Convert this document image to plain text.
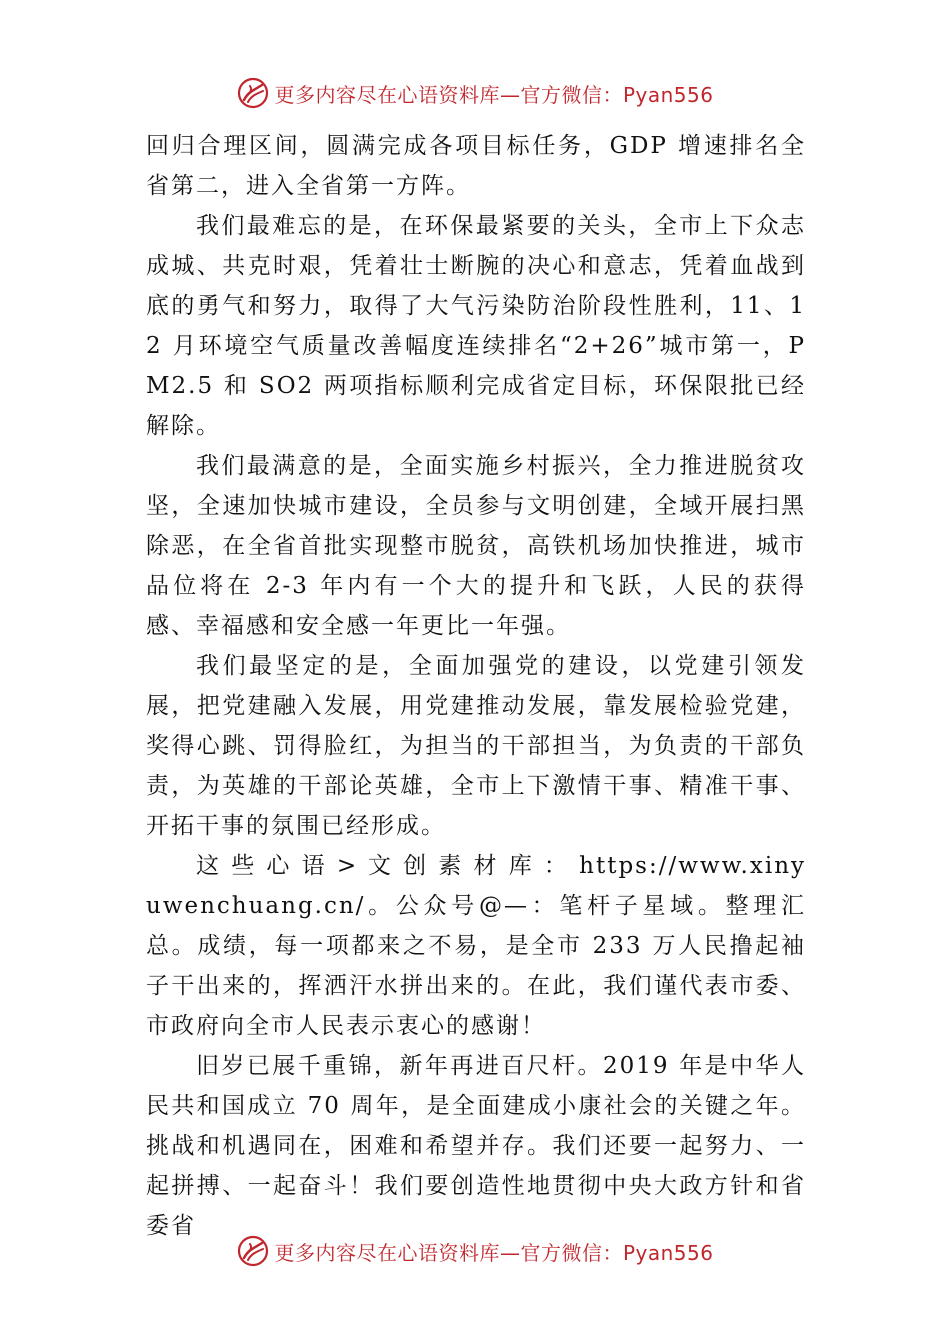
更多内容尽在心语资料库—官方微信：Pyan556

回归合理区间，圆满完成各项目标任务，GDP 增速排名全省第二，进入全省第一方阵。

我们最难忘的是，在环保最紧要的关头，全市上下众志成城、共克时艰，凭着壮士断腕的决心和意志，凭着血战到底的勇气和努力，取得了大气污染防治阶段性胜利，11、12 月环境空气质量改善幅度连续排名“2+26”城市第一，PM2.5 和 SO2 两项指标顺利完成省定目标，环保限批已经解除。

我们最满意的是，全面实施乡村振兴，全力推进脱贫攻坚，全速加快城市建设，全员参与文明创建，全域开展扫黑除恶，在全省首批实现整市脱贫，高铁机场加快推进，城市品位将在 2-3 年内有一个大的提升和飞跃，人民的获得感、幸福感和安全感一年更比一年强。

我们最坚定的是，全面加强党的建设，以党建引领发展，把党建融入发展，用党建推动发展，靠发展检验党建，奖得心跳、罚得脸红，为担当的干部担当，为负责的干部负责，为英雄的干部论英雄，全市上下激情干事、精准干事、开拓干事的氛围已经形成。

这 些 心 语 > 文 创 素 材 库 ： https://www.xinyuwenchuang.cn/。公众号@—：笔杆子星域。整理汇总。成绩，每一项都来之不易，是全市 233 万人民撸起袖子干出来的，挥洒汗水拼出来的。在此，我们谨代表市委、市政府向全市人民表示衷心的感谢！

旧岁已展千重锦，新年再进百尺杆。2019 年是中华人民共和国成立 70 周年，是全面建成小康社会的关键之年。挑战和机遇同在，困难和希望并存。我们还要一起努力、一起拼搏、一起奋斗！我们要创造性地贯彻中央大政方针和省委省

更多内容尽在心语资料库—官方微信：Pyan556
